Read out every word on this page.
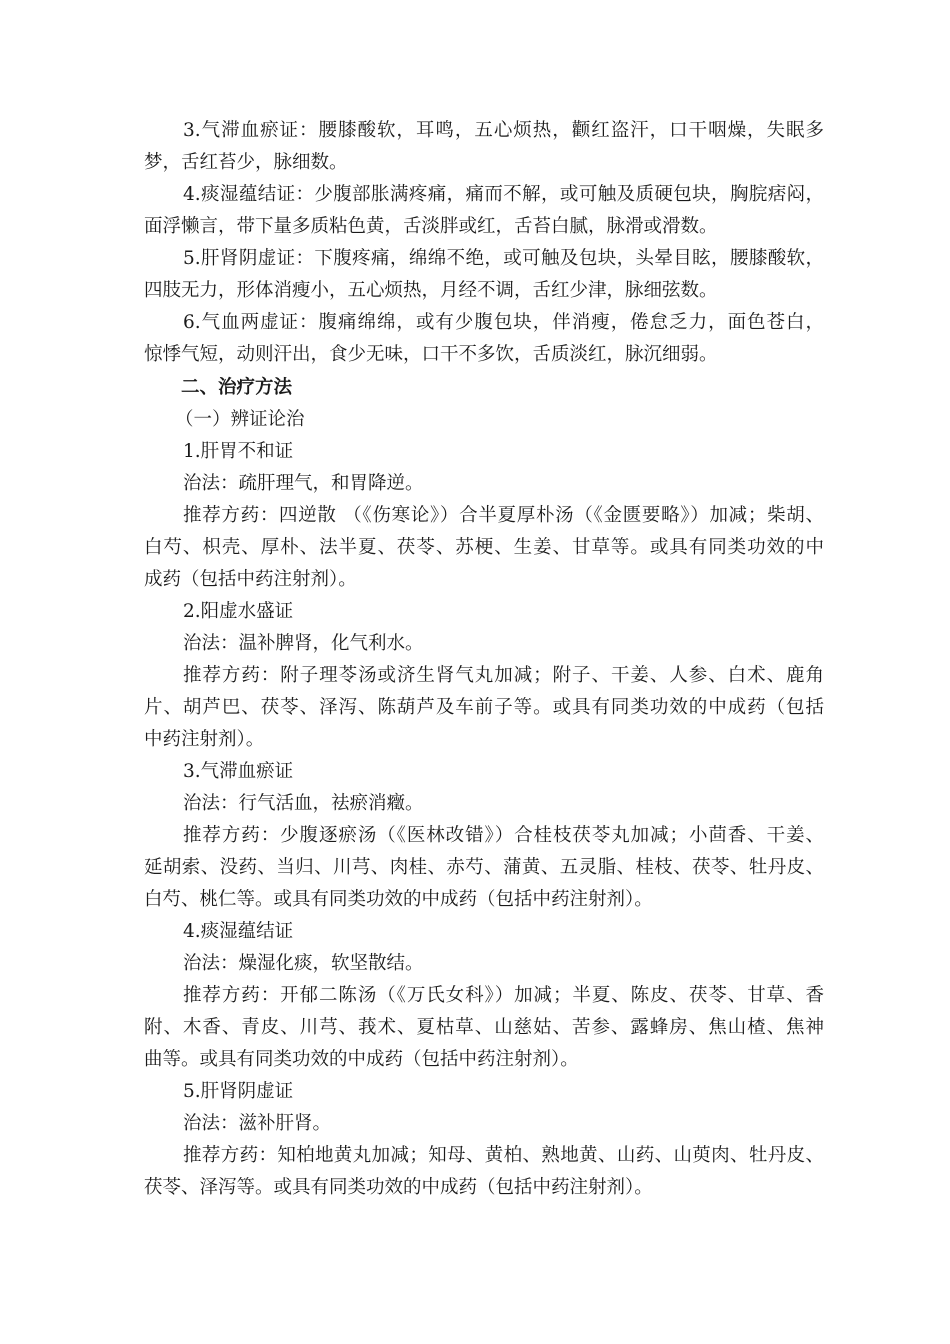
3.气滞血瘀证：腰膝酸软，耳鸣，五心烦热，颧红盗汗，口干咽燥，失眠多
梦，舌红苔少，脉细数。
4.痰湿蕴结证：少腹部胀满疼痛，痛而不解，或可触及质硬包块，胸脘痞闷，
面浮懒言，带下量多质粘色黄，舌淡胖或红，舌苔白腻，脉滑或滑数。
5.肝肾阴虚证：下腹疼痛，绵绵不绝，或可触及包块，头晕目眩，腰膝酸软，
四肢无力，形体消瘦小，五心烦热，月经不调，舌红少津，脉细弦数。
6.气血两虚证：腹痛绵绵，或有少腹包块，伴消瘦，倦怠乏力，面色苍白，
惊悸气短，动则汗出，食少无味，口干不多饮，舌质淡红，脉沉细弱。
二、治疗方法
（一）辨证论治
1.肝胃不和证
治法：疏肝理气，和胃降逆。
推荐方药：四逆散 （《伤寒论》）合半夏厚朴汤（《金匮要略》）加减；柴胡、
白芍、枳壳、厚朴、法半夏、茯苓、苏梗、生姜、甘草等。或具有同类功效的中
成药（包括中药注射剂）。
2.阳虚水盛证
治法：温补脾肾，化气利水。
推荐方药：附子理苓汤或济生肾气丸加减；附子、干姜、人参、白术、鹿角
片、胡芦巴、茯苓、泽泻、陈葫芦及车前子等。或具有同类功效的中成药（包括
中药注射剂）。
3.气滞血瘀证
治法：行气活血，祛瘀消癥。
推荐方药：少腹逐瘀汤（《医林改错》）合桂枝茯苓丸加减；小茴香、干姜、
延胡索、没药、当归、川芎、肉桂、赤芍、蒲黄、五灵脂、桂枝、茯苓、牡丹皮、
白芍、桃仁等。或具有同类功效的中成药（包括中药注射剂）。
4.痰湿蕴结证
治法：燥湿化痰，软坚散结。
推荐方药：开郁二陈汤（《万氏女科》）加减；半夏、陈皮、茯苓、甘草、香
附、木香、青皮、川芎、莪术、夏枯草、山慈姑、苦参、露蜂房、焦山楂、焦神
曲等。或具有同类功效的中成药（包括中药注射剂）。
5.肝肾阴虚证
治法：滋补肝肾。
推荐方药：知柏地黄丸加减；知母、黄柏、熟地黄、山药、山萸肉、牡丹皮、
茯苓、泽泻等。或具有同类功效的中成药（包括中药注射剂）。
